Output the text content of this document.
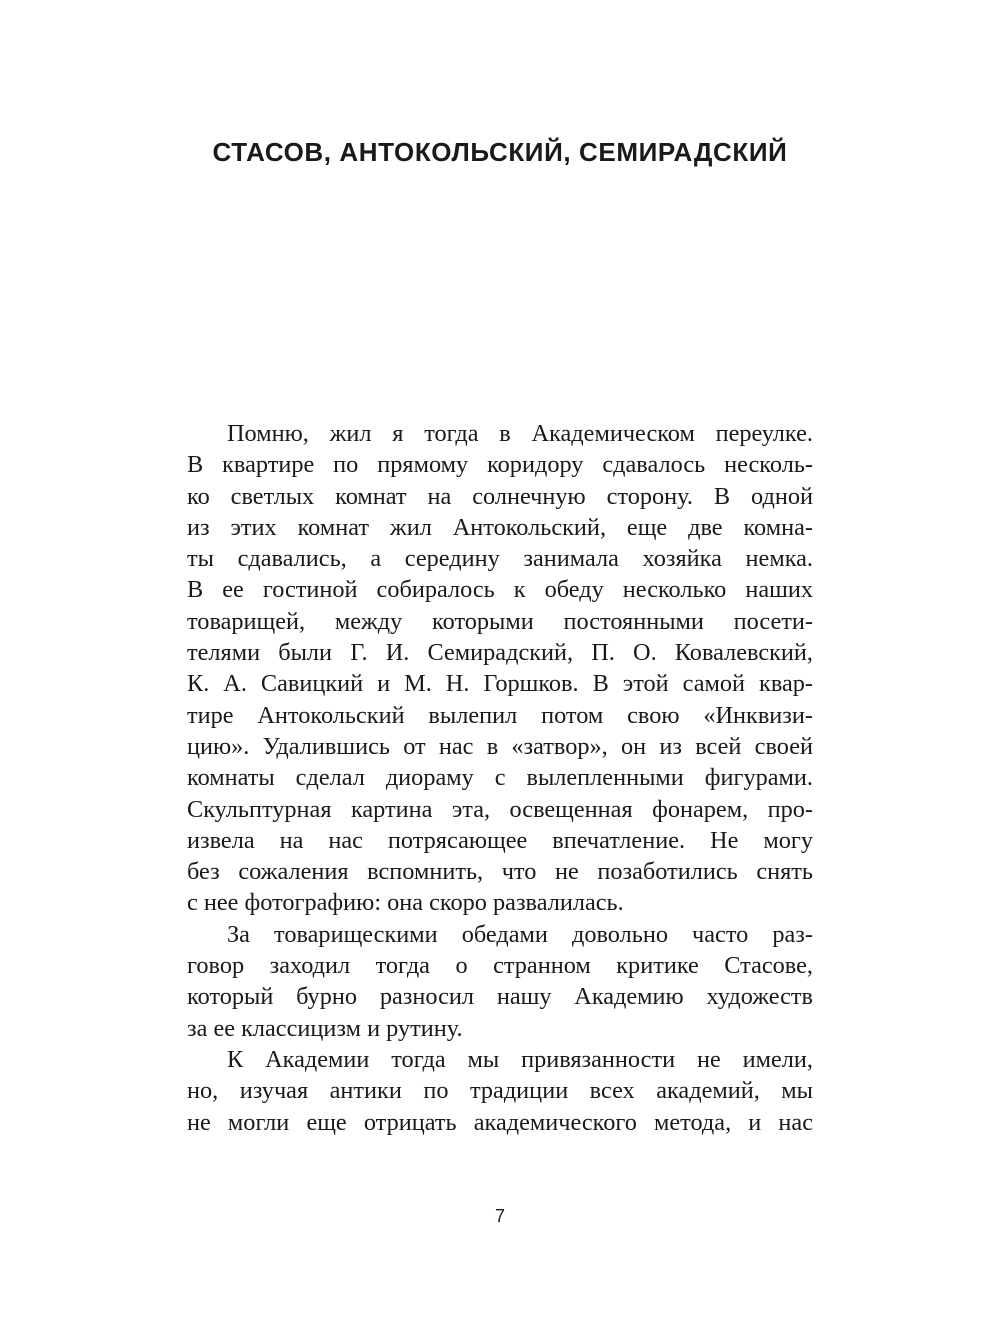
СТАСОВ, АНТОКОЛЬСКИЙ, СЕМИРАДСКИЙ
Помню, жил я тогда в Академическом переулке.
В квартире по прямому коридору сдавалось несколь-
ко светлых комнат на солнечную сторону. В одной
из этих комнат жил Антокольский, еще две комна-
ты сдавались, а середину занимала хозяйка немка.
В ее гостиной собиралось к обеду несколько наших
товарищей, между которыми постоянными посети-
телями были Г. И. Семирадский, П. О. Ковалевский,
К. А. Савицкий и М. Н. Горшков. В этой самой квар-
тире Антокольский вылепил потом свою «Инквизи-
цию». Удалившись от нас в «затвор», он из всей своей
комнаты сделал диораму с вылепленными фигурами.
Скульптурная картина эта, освещенная фонарем, про-
извела на нас потрясающее впечатление. Не могу
без сожаления вспомнить, что не позаботились снять
с нее фотографию: она скоро развалилась.
За товарищескими обедами довольно часто раз-
говор заходил тогда о странном критике Стасове,
который бурно разносил нашу Академию художеств
за ее классицизм и рутину.
К Академии тогда мы привязанности не имели,
но, изучая антики по традиции всех академий, мы
не могли еще отрицать академического метода, и нас
7
